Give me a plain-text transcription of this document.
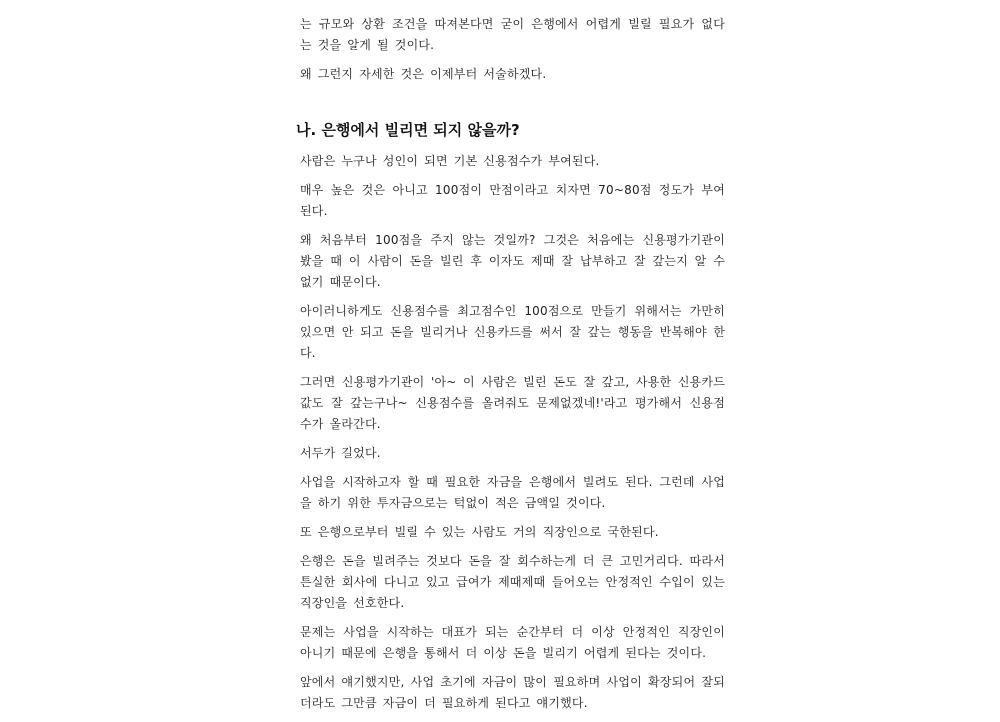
는 규모와 상환 조건을 따져본다면 굳이 은행에서 어렵게 빌릴 필요가 없다는 것을 알게 될 것이다.

왜 그런지 자세한 것은 이제부터 서술하겠다.

나. 은행에서 빌리면 되지 않을까?

사람은 누구나 성인이 되면 기본 신용점수가 부여된다.

매우 높은 것은 아니고 100점이 만점이라고 치자면 70~80점 정도가 부여된다.

왜 처음부터 100점을 주지 않는 것일까? 그것은 처음에는 신용평가기관이 봤을 때 이 사람이 돈을 빌린 후 이자도 제때 잘 납부하고 잘 갚는지 알 수 없기 때문이다.

아이러니하게도 신용점수를 최고점수인 100점으로 만들기 위해서는 가만히 있으면 안 되고 돈을 빌리거나 신용카드를 써서 잘 갚는 행동을 반복해야 한다.

그러면 신용평가기관이 '아~ 이 사람은 빌린 돈도 잘 갚고, 사용한 신용카드값도 잘 갚는구나~ 신용점수를 올려줘도 문제없겠네!'라고 평가해서 신용점수가 올라간다.

서두가 길었다.

사업을 시작하고자 할 때 필요한 자금을 은행에서 빌려도 된다. 그런데 사업을 하기 위한 투자금으로는 턱없이 적은 금액일 것이다.

또 은행으로부터 빌릴 수 있는 사람도 거의 직장인으로 국한된다.

은행은 돈을 빌려주는 것보다 돈을 잘 회수하는게 더 큰 고민거리다. 따라서 튼실한 회사에 다니고 있고 급여가 제때제때 들어오는 안정적인 수입이 있는 직장인을 선호한다.

문제는 사업을 시작하는 대표가 되는 순간부터 더 이상 안정적인 직장인이 아니기 때문에 은행을 통해서 더 이상 돈을 빌리기 어렵게 된다는 것이다.

앞에서 얘기했지만, 사업 초기에 자금이 많이 필요하며 사업이 확장되어 잘되더라도 그만큼 자금이 더 필요하게 된다고 얘기했다.
